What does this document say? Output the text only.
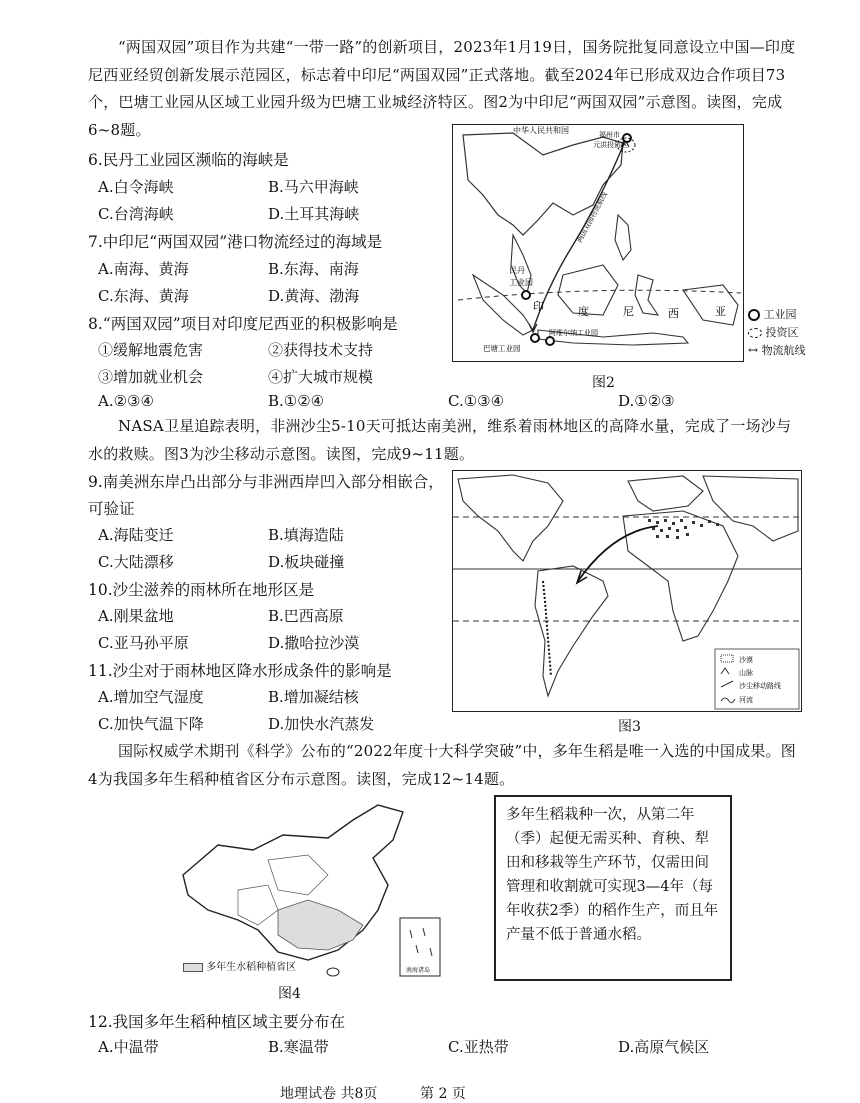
“两国双园”项目作为共建“一带一路”的创新项目，2023年1月19日，国务院批复同意设立中国—印度尼西亚经贸创新发展示范园区，标志着中印尼“两国双园”正式落地。截至2024年已形成双边合作项目73个，巴塘工业园从区域工业园升级为巴塘工业城经济特区。图2为中印尼“两国双园”示意图。读图，完成6~8题。
6.民丹工业园区濒临的海峡是
A.白令海峡	B.马六甲海峡
C.台湾海峡	D.土耳其海峡
7.中印尼“两国双园”港口物流经过的海域是
A.南海、黄海	B.东海、南海
C.东海、黄海	D.黄海、渤海
8.“两国双园”项目对印度尼西亚的积极影响是
①缓解地震危害	②获得技术支持
③增加就业机会	④扩大城市规模
A.②③④	B.①②④	C.①③④	D.①②③
中华人民共和国	福州市
元洪投资区
民丹
工业园
巴塘工业园
阿维尔纳工业园
印	度	尼	西	亚
两国双园物流航线
工业园
投资区
↔ 物流航线
图2
NASA卫星追踪表明，非洲沙尘5-10天可抵达南美洲，维系着雨林地区的高降水量，完成了一场沙与水的救赎。图3为沙尘移动示意图。读图，完成9~11题。
9.南美洲东岸凸出部分与非洲西岸凹入部分相嵌合，
可验证
A.海陆变迁	B.填海造陆
C.大陆漂移	D.板块碰撞
10.沙尘滋养的雨林所在地形区是
A.刚果盆地	B.巴西高原
C.亚马孙平原	D.撒哈拉沙漠
11.沙尘对于雨林地区降水形成条件的影响是
A.增加空气湿度	B.增加凝结核
C.加快气温下降	D.加快水汽蒸发
沙漠
山脉
沙尘移动路线
河流
图3
国际权威学术期刊《科学》公布的“2022年度十大科学突破”中，多年生稻是唯一入选的中国成果。图4为我国多年生稻种植省区分布示意图。读图，完成12~14题。
南海诸岛
多年生水稻种植省区
图4
多年生稻栽种一次，从第二年（季）起便无需买种、育秧、犁田和移栽等生产环节，仅需田间管理和收割就可实现3—4年（每年收获2季）的稻作生产，而且年产量不低于普通水稻。
12.我国多年生稻种植区域主要分布在
A.中温带	B.寒温带	C.亚热带	D.高原气候区
地理试卷 共8页	第 2 页
